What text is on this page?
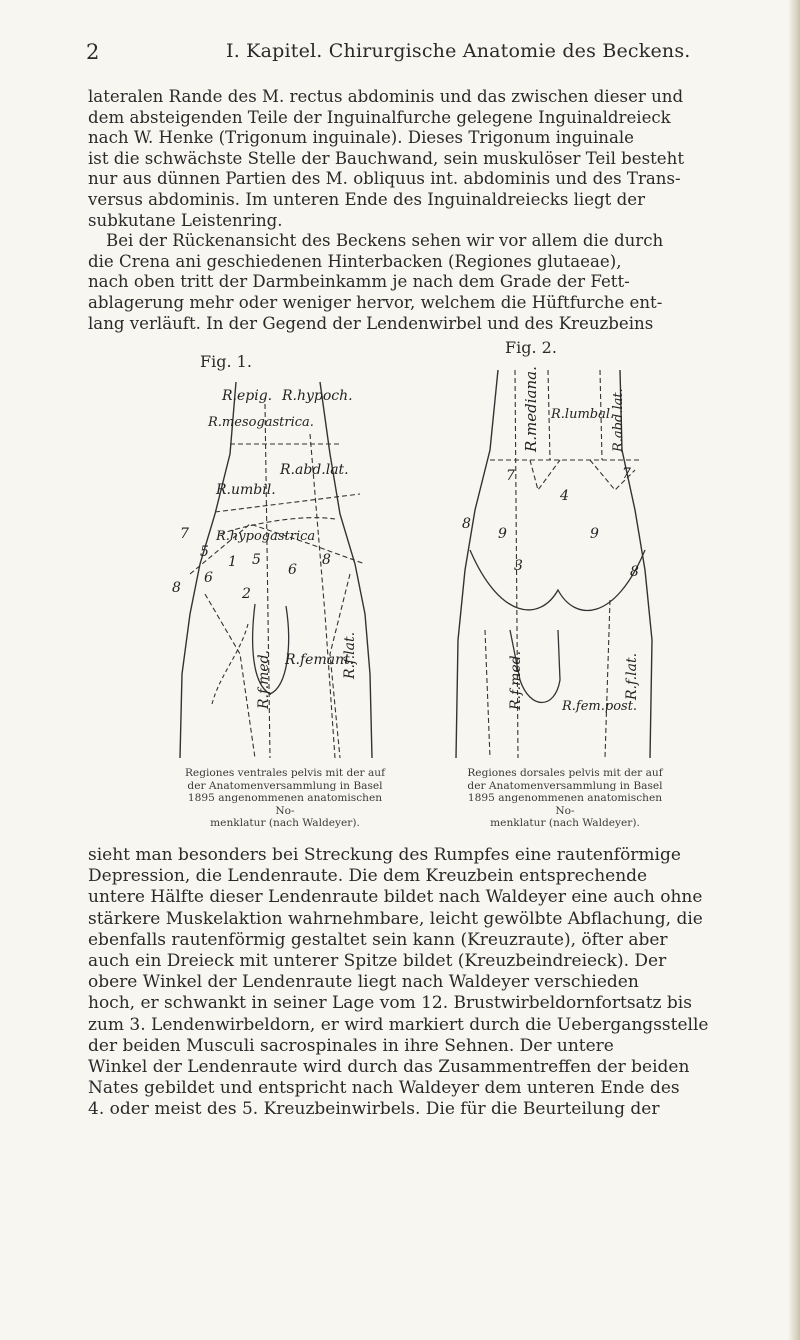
2	I. Kapitel. Chirurgische Anatomie des Beckens.
lateralen Rande des M. rectus abdominis und das zwischen dieser und
dem absteigenden Teile der Inguinalfurche gelegene Inguinaldreieck
nach W. Henke (Trigonum inguinale). Dieses Trigonum inguinale
ist die schwächste Stelle der Bauchwand, sein muskulöser Teil besteht
nur aus dünnen Partien des M. obliquus int. abdominis und des Trans-
versus abdominis. Im unteren Ende des Inguinaldreiecks liegt der
subkutane Leistenring.
Bei der Rückenansicht des Beckens sehen wir vor allem die durch
die Crena ani geschiedenen Hinterbacken (Regiones glutaeae),
nach oben tritt der Darmbeinkamm je nach dem Grade der Fett-
ablagerung mehr oder weniger hervor, welchem die Hüftfurche ent-
lang verläuft. In der Gegend der Lendenwirbel und des Kreuzbeins
Fig. 1.
R.epig. R.hypoch.
R.mesogastrica.
R.abd.lat.
R.umbil.
R.hypogastrica
R.femant.
R.f.med.	R.f.lat.
7
5
1 5	8
8
6	6
2
Regiones ventrales pelvis mit der auf
der Anatomenversammlung in Basel
1895 angenommenen anatomischen No-
menklatur (nach Waldeyer).
Fig. 2.
R.mediana. R.lumbal.
R.abd.lat.
R.f.med.	R.f.lat.
R.fem.post.
7	7
4
8
9	9
3	8
Regiones dorsales pelvis mit der auf
der Anatomenversammlung in Basel
1895 angenommenen anatomischen No-
menklatur (nach Waldeyer).
sieht man besonders bei Streckung des Rumpfes eine rautenförmige
Depression, die Lendenraute. Die dem Kreuzbein entsprechende
untere Hälfte dieser Lendenraute bildet nach Waldeyer eine auch ohne
stärkere Muskelaktion wahrnehmbare, leicht gewölbte Abflachung, die
ebenfalls rautenförmig gestaltet sein kann (Kreuzraute), öfter aber
auch ein Dreieck mit unterer Spitze bildet (Kreuzbeindreieck). Der
obere Winkel der Lendenraute liegt nach Waldeyer verschieden
hoch, er schwankt in seiner Lage vom 12. Brustwirbeldornfortsatz bis
zum 3. Lendenwirbeldorn, er wird markiert durch die Uebergangsstelle
der beiden Musculi sacrospinales in ihre Sehnen. Der untere
Winkel der Lendenraute wird durch das Zusammentreffen der beiden
Nates gebildet und entspricht nach Waldeyer dem unteren Ende des
4. oder meist des 5. Kreuzbeinwirbels. Die für die Beurteilung der
